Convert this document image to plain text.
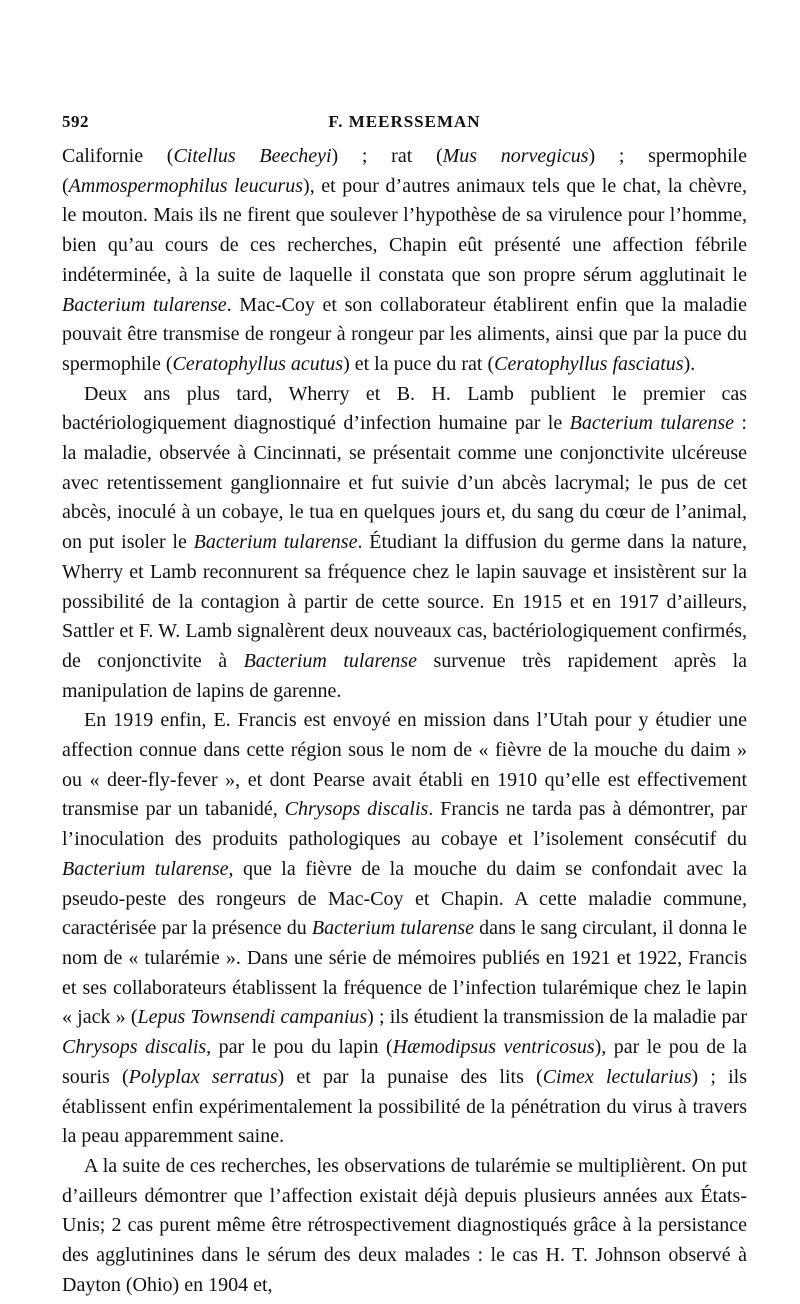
592	F. MEERSSEMAN

Californie (Citellus Beecheyi) ; rat (Mus norvegicus) ; spermophile (Ammospermophilus leucurus), et pour d’autres animaux tels que le chat, la chèvre, le mouton. Mais ils ne firent que soulever l’hypothèse de sa virulence pour l’homme, bien qu’au cours de ces recherches, Chapin eût présenté une affection fébrile indéterminée, à la suite de laquelle il constata que son propre sérum agglutinait le Bacterium tularense. Mac-Coy et son collaborateur établirent enfin que la maladie pouvait être transmise de rongeur à rongeur par les aliments, ainsi que par la puce du spermophile (Ceratophyllus acutus) et la puce du rat (Ceratophyllus fasciatus).

Deux ans plus tard, Wherry et B. H. Lamb publient le premier cas bactériologiquement diagnostiqué d’infection humaine par le Bacterium tularense : la maladie, observée à Cincinnati, se présentait comme une conjonctivite ulcéreuse avec retentissement ganglionnaire et fut suivie d’un abcès lacrymal; le pus de cet abcès, inoculé à un cobaye, le tua en quelques jours et, du sang du cœur de l’animal, on put isoler le Bacterium tularense. Étudiant la diffusion du germe dans la nature, Wherry et Lamb reconnurent sa fréquence chez le lapin sauvage et insistèrent sur la possibilité de la contagion à partir de cette source. En 1915 et en 1917 d’ailleurs, Sattler et F. W. Lamb signalèrent deux nouveaux cas, bactériologiquement confirmés, de conjonctivite à Bacterium tularense survenue très rapidement après la manipulation de lapins de garenne.

En 1919 enfin, E. Francis est envoyé en mission dans l’Utah pour y étudier une affection connue dans cette région sous le nom de « fièvre de la mouche du daim » ou « deer-fly-fever », et dont Pearse avait établi en 1910 qu’elle est effectivement transmise par un tabanidé, Chrysops discalis. Francis ne tarda pas à démontrer, par l’inoculation des produits pathologiques au cobaye et l’isolement consécutif du Bacterium tularense, que la fièvre de la mouche du daim se confondait avec la pseudo-peste des rongeurs de Mac-Coy et Chapin. A cette maladie commune, caractérisée par la présence du Bacterium tularense dans le sang circulant, il donna le nom de « tularémie ». Dans une série de mémoires publiés en 1921 et 1922, Francis et ses collaborateurs établissent la fréquence de l’infection tularémique chez le lapin « jack » (Lepus Townsendi campanius) ; ils étudient la transmission de la maladie par Chrysops discalis, par le pou du lapin (Hæmodipsus ventricosus), par le pou de la souris (Polyplax serratus) et par la punaise des lits (Cimex lectularius) ; ils établissent enfin expérimentalement la possibilité de la pénétration du virus à travers la peau apparemment saine.

A la suite de ces recherches, les observations de tularémie se multiplièrent. On put d’ailleurs démontrer que l’affection existait déjà depuis plusieurs années aux États-Unis; 2 cas purent même être rétrospectivement diagnostiqués grâce à la persistance des agglutinines dans le sérum des deux malades : le cas H. T. Johnson observé à Dayton (Ohio) en 1904 et,
